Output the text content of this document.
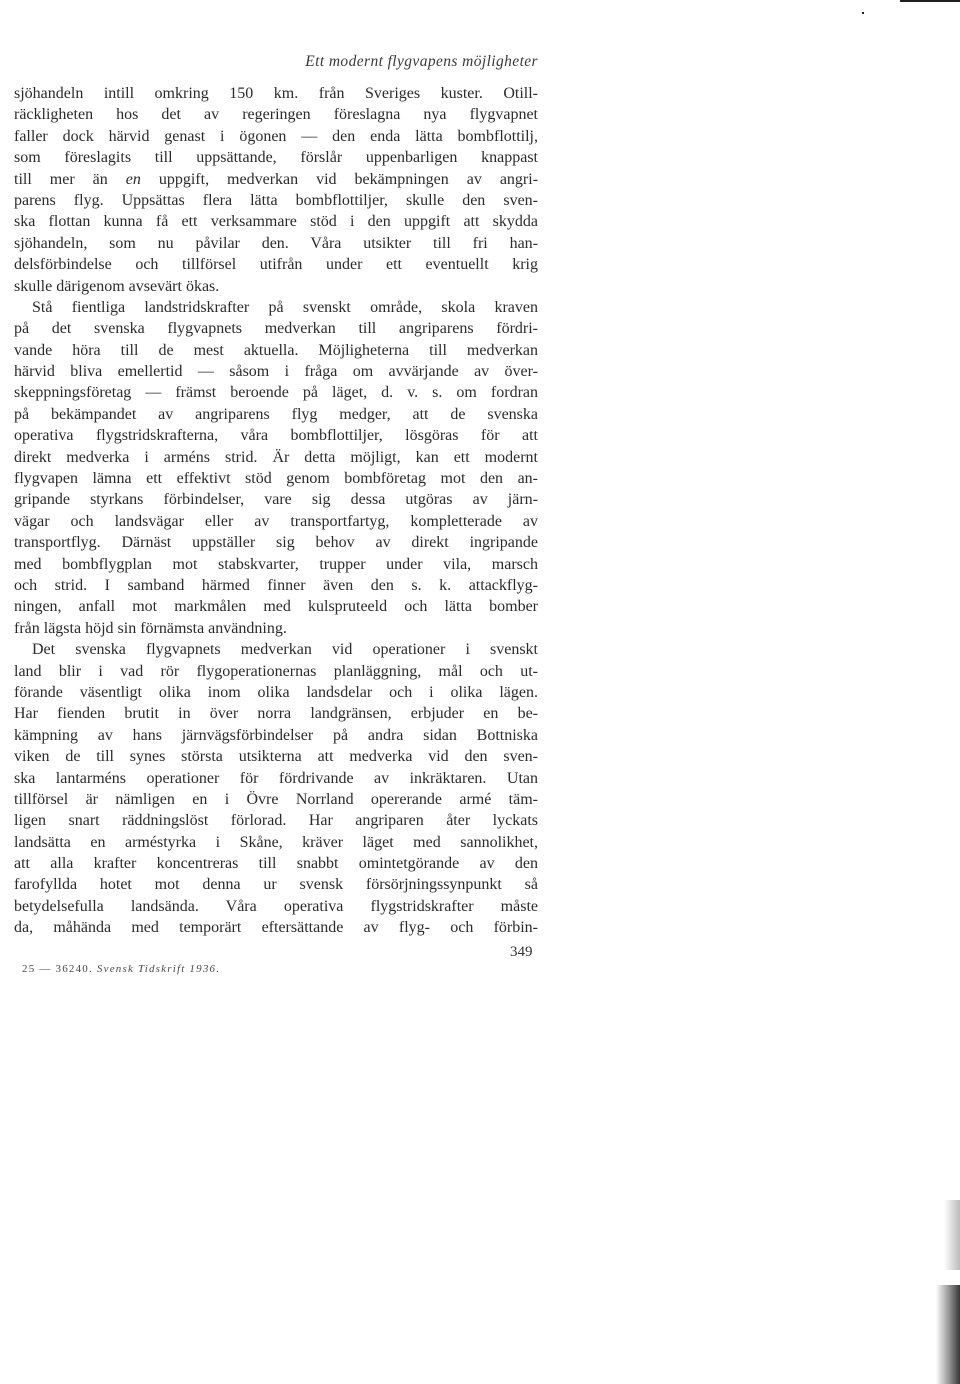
Ett modernt flygvapens möjligheter
sjöhandeln intill omkring 150 km. från Sveriges kuster. Otill-
räckligheten hos det av regeringen föreslagna nya flygvapnet
faller dock härvid genast i ögonen — den enda lätta bombflottilj,
som föreslagits till uppsättande, förslår uppenbarligen knappast
till mer än en uppgift, medverkan vid bekämpningen av angri-
parens flyg. Uppsättas flera lätta bombflottiljer, skulle den sven-
ska flottan kunna få ett verksammare stöd i den uppgift att skydda
sjöhandeln, som nu påvilar den. Våra utsikter till fri han-
delsförbindelse och tillförsel utifrån under ett eventuellt krig
skulle därigenom avsevärt ökas.
Stå fientliga landstridskrafter på svenskt område, skola kraven
på det svenska flygvapnets medverkan till angriparens fördri-
vande höra till de mest aktuella. Möjligheterna till medverkan
härvid bliva emellertid — såsom i fråga om avvärjande av över-
skeppningsföretag — främst beroende på läget, d. v. s. om fordran
på bekämpandet av angriparens flyg medger, att de svenska
operativa flygstridskrafterna, våra bombflottiljer, lösgöras för att
direkt medverka i arméns strid. Är detta möjligt, kan ett modernt
flygvapen lämna ett effektivt stöd genom bombföretag mot den an-
gripande styrkans förbindelser, vare sig dessa utgöras av järn-
vägar och landsvägar eller av transportfartyg, kompletterade av
transportflyg. Därnäst uppställer sig behov av direkt ingripande
med bombflygplan mot stabskvarter, trupper under vila, marsch
och strid. I samband härmed finner även den s. k. attackflyg-
ningen, anfall mot markmålen med kulspruteeld och lätta bomber
från lägsta höjd sin förnämsta användning.
Det svenska flygvapnets medverkan vid operationer i svenskt
land blir i vad rör flygoperationernas planläggning, mål och ut-
förande väsentligt olika inom olika landsdelar och i olika lägen.
Har fienden brutit in över norra landgränsen, erbjuder en be-
kämpning av hans järnvägsförbindelser på andra sidan Bottniska
viken de till synes största utsikterna att medverka vid den sven-
ska lantarméns operationer för fördrivande av inkräktaren. Utan
tillförsel är nämligen en i Övre Norrland opererande armé täm-
ligen snart räddningslöst förlorad. Har angriparen åter lyckats
landsätta en arméstyrka i Skåne, kräver läget med sannolikhet,
att alla krafter koncentreras till snabbt omintetgörande av den
farofyllda hotet mot denna ur svensk försörjningssynpunkt så
betydelsefulla landsända. Våra operativa flygstridskrafter måste
da, måhända med temporärt eftersättande av flyg- och förbin-
349
25 — 36240. Svensk Tidskrift 1936.
